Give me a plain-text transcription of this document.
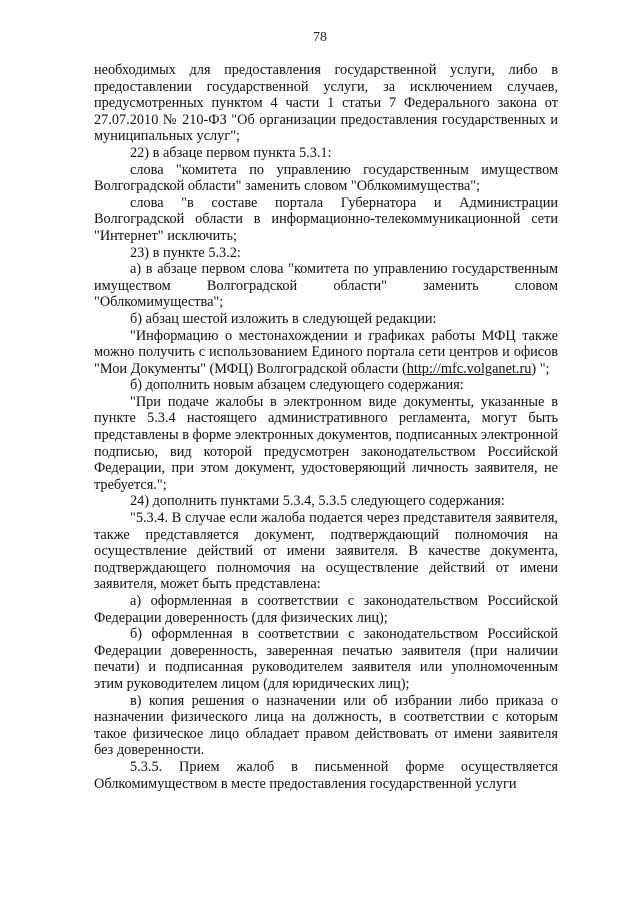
78

необходимых для предоставления государственной услуги, либо в предоставлении государственной услуги, за исключением случаев, предусмотренных пунктом 4 части 1 статьи 7 Федерального закона от 27.07.2010 № 210-ФЗ "Об организации предоставления государственных и муниципальных услуг";

22) в абзаце первом пункта 5.3.1:

слова "комитета по управлению государственным имуществом Волгоградской области" заменить словом "Облкомимущества";

слова "в составе портала Губернатора и Администрации Волгоградской области в информационно-телекоммуникационной сети "Интернет" исключить;

23) в пункте 5.3.2:

а) в абзаце первом слова "комитета по управлению государственным имуществом Волгоградской области" заменить словом "Облкомимущества";

б) абзац шестой изложить в следующей редакции:

"Информацию о местонахождении и графиках работы МФЦ также можно получить с использованием Единого портала сети центров и офисов "Мои Документы" (МФЦ) Волгоградской области (http://mfc.volganet.ru) ";

б) дополнить новым абзацем следующего содержания:

"При подаче жалобы в электронном виде документы, указанные в пункте 5.3.4 настоящего административного регламента, могут быть представлены в форме электронных документов, подписанных электронной подписью, вид которой предусмотрен законодательством Российской Федерации, при этом документ, удостоверяющий личность заявителя, не требуется.";

24) дополнить пунктами 5.3.4, 5.3.5 следующего содержания:

"5.3.4. В случае если жалоба подается через представителя заявителя, также представляется документ, подтверждающий полномочия на осуществление действий от имени заявителя. В качестве документа, подтверждающего полномочия на осуществление действий от имени заявителя, может быть представлена:

а) оформленная в соответствии с законодательством Российской Федерации доверенность (для физических лиц);

б) оформленная в соответствии с законодательством Российской Федерации доверенность, заверенная печатью заявителя (при наличии печати) и подписанная руководителем заявителя или уполномоченным этим руководителем лицом (для юридических лиц);

в) копия решения о назначении или об избрании либо приказа о назначении физического лица на должность, в соответствии с которым такое физическое лицо обладает правом действовать от имени заявителя без доверенности.

5.3.5. Прием жалоб в письменной форме осуществляется Облкомимуществом в месте предоставления государственной услуги
